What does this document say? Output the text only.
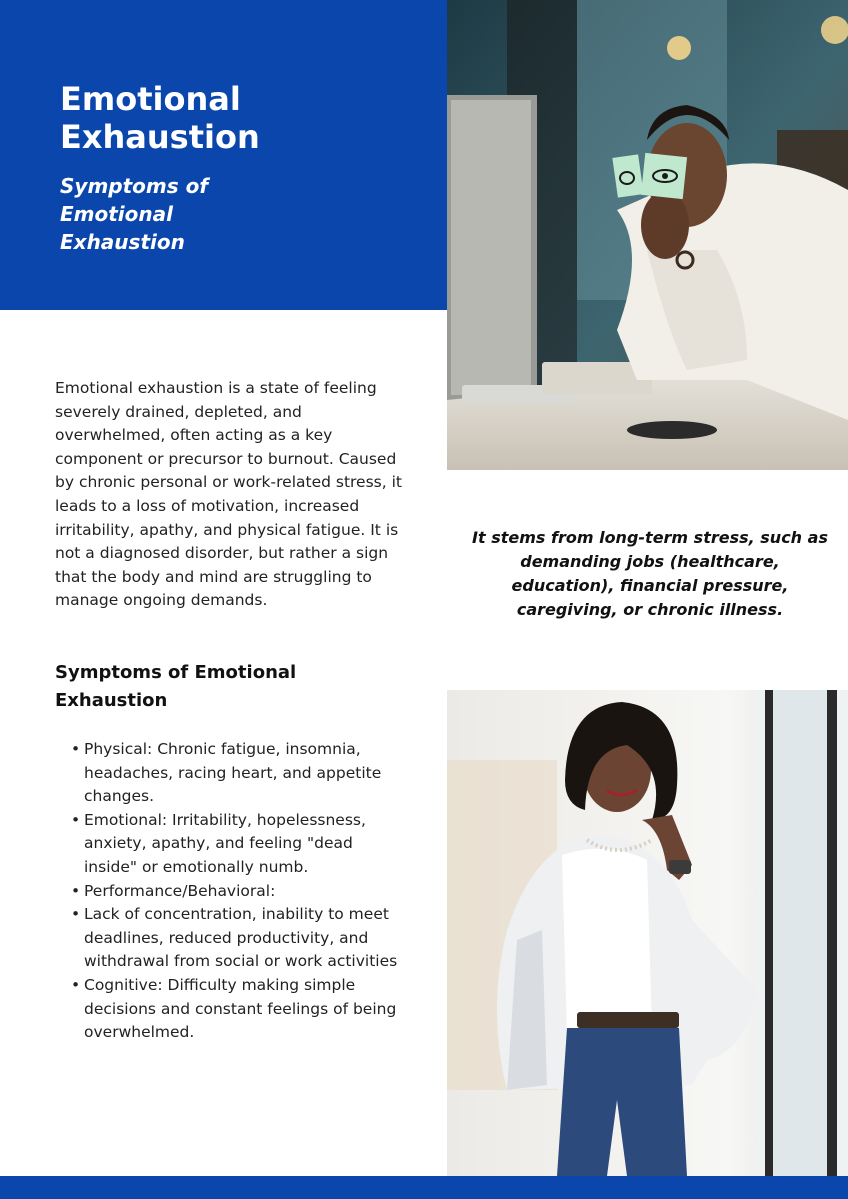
Emotional Exhaustion
Symptoms of Emotional Exhaustion

Emotional exhaustion is a state of feeling severely drained, depleted, and overwhelmed, often acting as a key component or precursor to burnout. Caused by chronic personal or work-related stress, it leads to a loss of motivation, increased irritability, apathy, and physical fatigue. It is not a diagnosed disorder, but rather a sign that the body and mind are struggling to manage ongoing demands.

It stems from long-term stress, such as demanding jobs (healthcare, education), financial pressure, caregiving, or chronic illness.

Symptoms of Emotional Exhaustion
• Physical: Chronic fatigue, insomnia, headaches, racing heart, and appetite changes.
• Emotional: Irritability, hopelessness, anxiety, apathy, and feeling "dead inside" or emotionally numb.
• Performance/Behavioral:
• Lack of concentration, inability to meet deadlines, reduced productivity, and withdrawal from social or work activities
• Cognitive: Difficulty making simple decisions and constant feelings of being overwhelmed.
